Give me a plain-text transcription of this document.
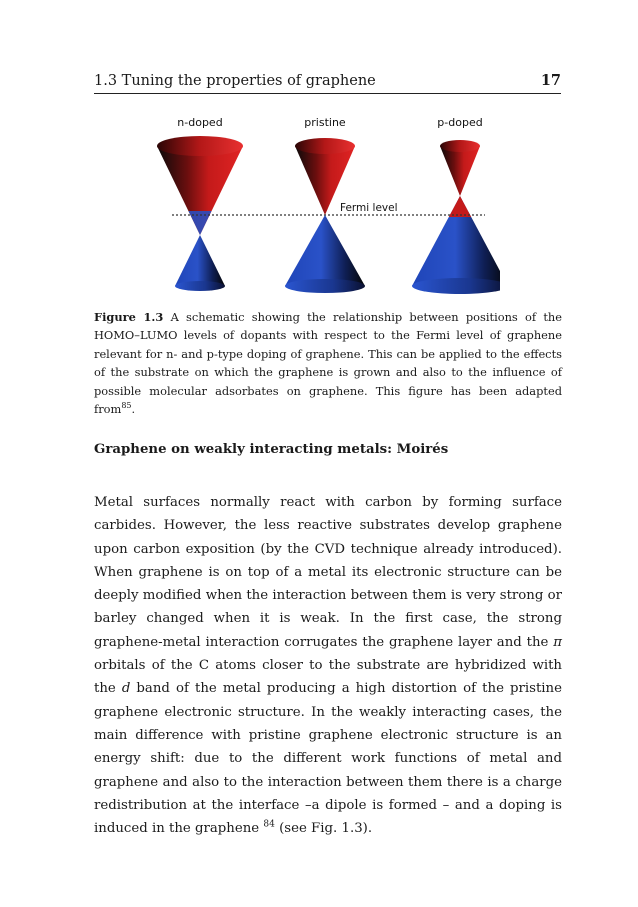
1.3 Tuning the properties of graphene	17
n-doped	pristine	p-doped
Fermi level
Figure 1.3 A schematic showing the relationship between positions of the HOMO–LUMO levels of dopants with respect to the Fermi level of graphene relevant for n- and p-type doping of graphene. This can be applied to the effects of the substrate on which the graphene is grown and also to the influence of possible molecular adsorbates on graphene. This figure has been adapted from$^{85}$.
Graphene on weakly interacting metals: Moirés
Metal surfaces normally react with carbon by forming surface carbides. However, the less reactive substrates develop graphene upon carbon exposition (by the CVD technique already introduced). When graphene is on top of a metal its electronic structure can be deeply modified when the interaction between them is very strong or barley changed when it is weak. In the first case, the strong graphene-metal interaction corrugates the graphene layer and the π orbitals of the C atoms closer to the substrate are hybridized with the d band of the metal producing a high distortion of the pristine graphene electronic structure. In the weakly interacting cases, the main difference with pristine graphene electronic structure is an energy shift: due to the different work functions of metal and graphene and also to the interaction between them there is a charge redistribution at the interface –a dipole is formed – and a doping is induced in the graphene $^{84}$ (see Fig. 1.3).
